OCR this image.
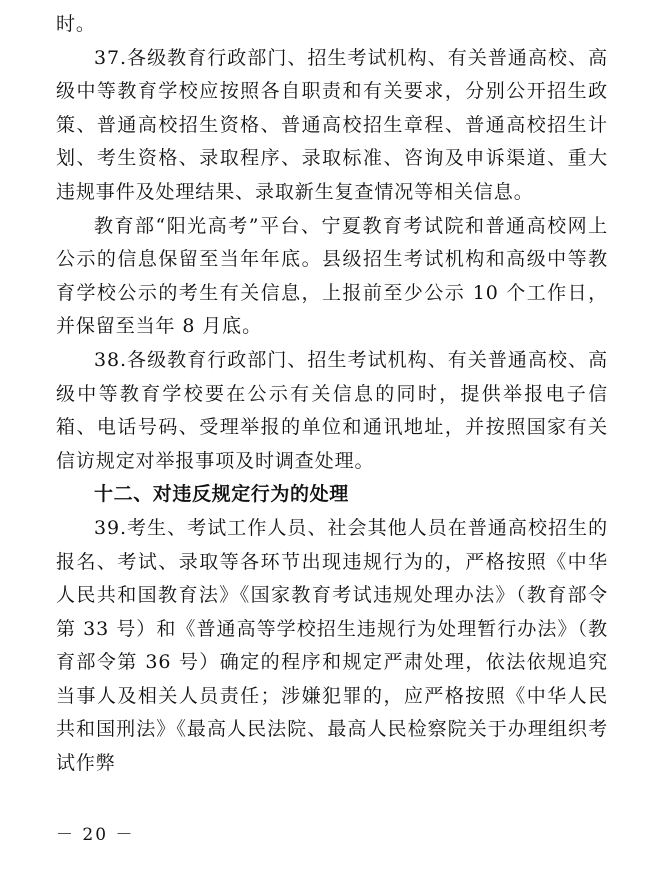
时。

37.各级教育行政部门、招生考试机构、有关普通高校、高级中等教育学校应按照各自职责和有关要求，分别公开招生政策、普通高校招生资格、普通高校招生章程、普通高校招生计划、考生资格、录取程序、录取标准、咨询及申诉渠道、重大违规事件及处理结果、录取新生复查情况等相关信息。

教育部“阳光高考”平台、宁夏教育考试院和普通高校网上公示的信息保留至当年年底。县级招生考试机构和高级中等教育学校公示的考生有关信息，上报前至少公示 10 个工作日，并保留至当年 8 月底。

38.各级教育行政部门、招生考试机构、有关普通高校、高级中等教育学校要在公示有关信息的同时，提供举报电子信箱、电话号码、受理举报的单位和通讯地址，并按照国家有关信访规定对举报事项及时调查处理。

十二、对违反规定行为的处理

39.考生、考试工作人员、社会其他人员在普通高校招生的报名、考试、录取等各环节出现违规行为的，严格按照《中华人民共和国教育法》《国家教育考试违规处理办法》（教育部令第 33 号）和《普通高等学校招生违规行为处理暂行办法》（教育部令第 36 号）确定的程序和规定严肃处理，依法依规追究当事人及相关人员责任；涉嫌犯罪的，应严格按照《中华人民共和国刑法》《最高人民法院、最高人民检察院关于办理组织考试作弊

－ 20 －
